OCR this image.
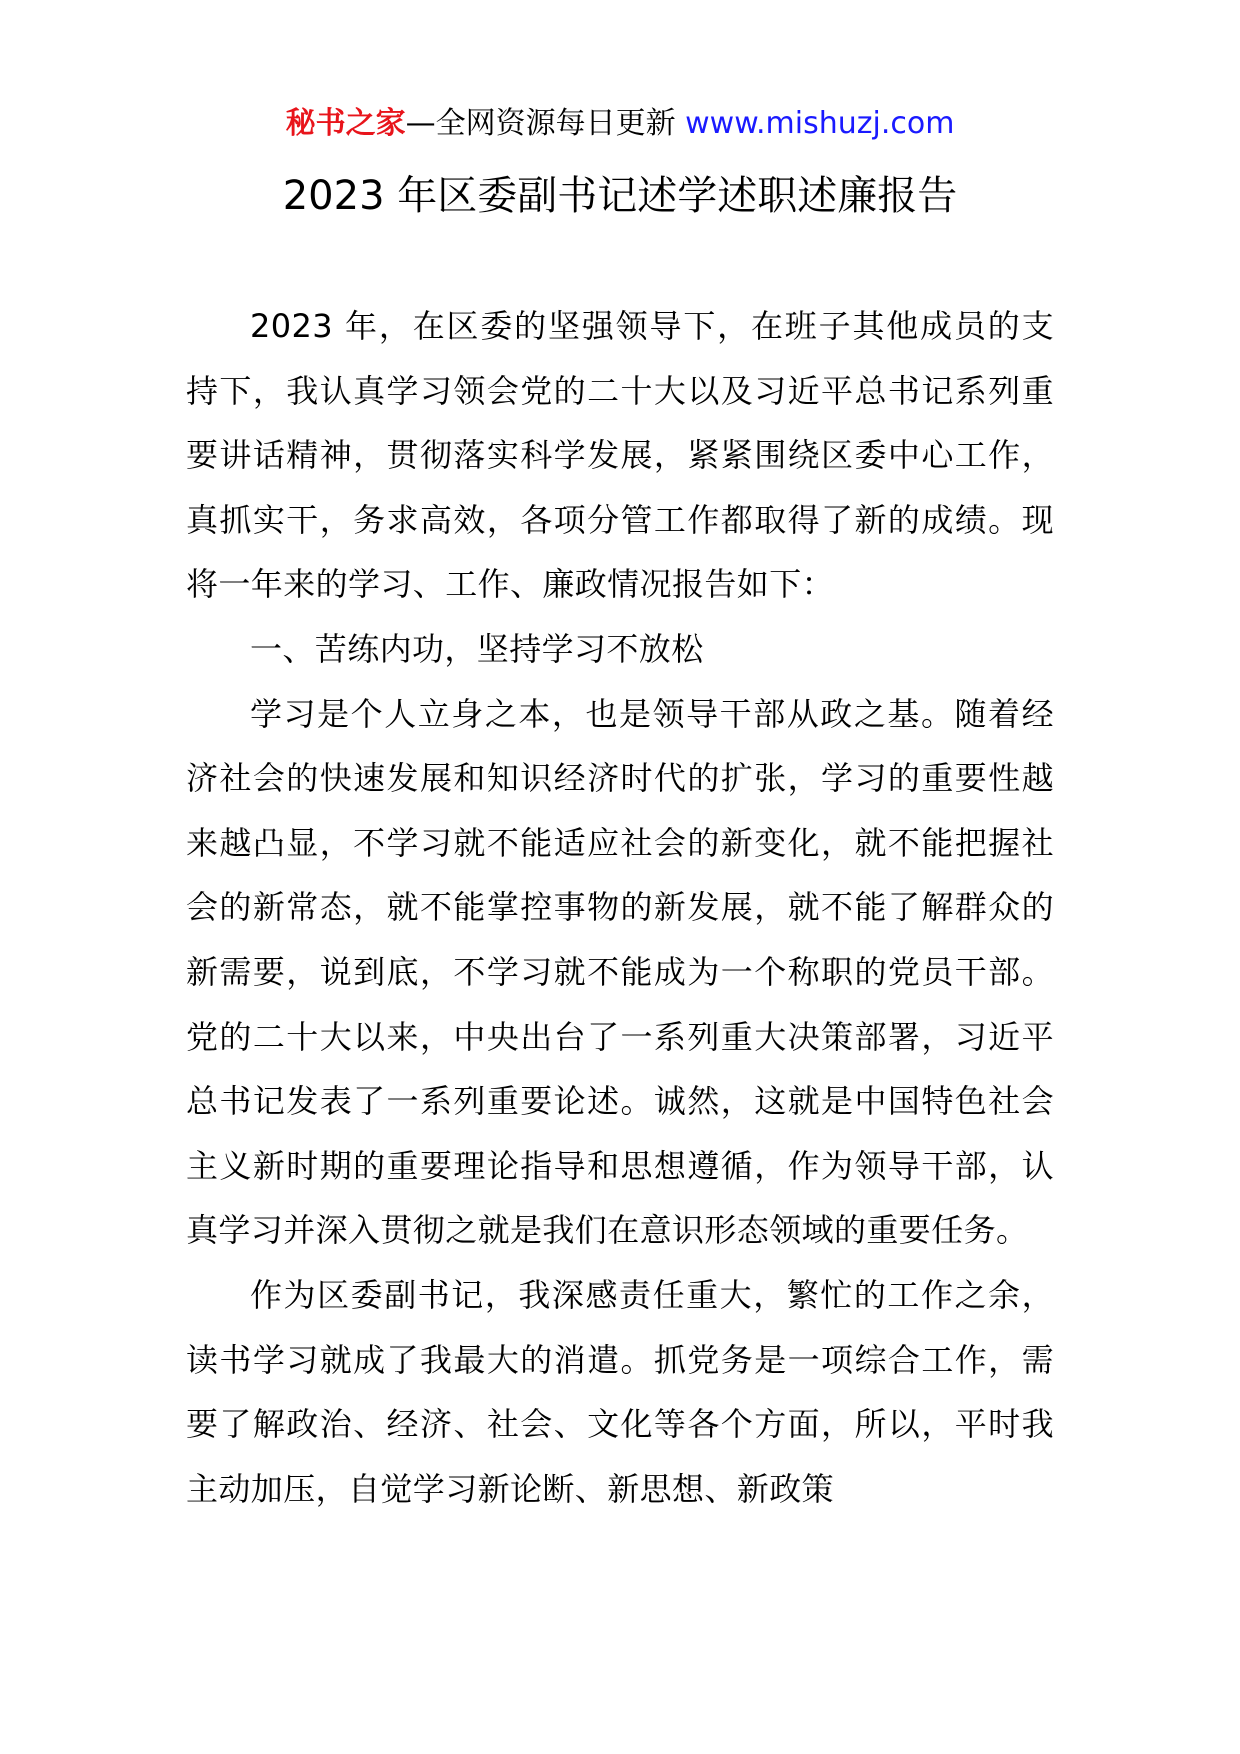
秘书之家—全网资源每日更新 www.mishuzj.com
2023 年区委副书记述学述职述廉报告

2023 年，在区委的坚强领导下，在班子其他成员的支持下，我认真学习领会党的二十大以及习近平总书记系列重要讲话精神，贯彻落实科学发展，紧紧围绕区委中心工作，真抓实干，务求高效，各项分管工作都取得了新的成绩。现将一年来的学习、工作、廉政情况报告如下：

一、苦练内功，坚持学习不放松

学习是个人立身之本，也是领导干部从政之基。随着经济社会的快速发展和知识经济时代的扩张，学习的重要性越来越凸显，不学习就不能适应社会的新变化，就不能把握社会的新常态，就不能掌控事物的新发展，就不能了解群众的新需要，说到底，不学习就不能成为一个称职的党员干部。党的二十大以来，中央出台了一系列重大决策部署，习近平总书记发表了一系列重要论述。诚然，这就是中国特色社会主义新时期的重要理论指导和思想遵循，作为领导干部，认真学习并深入贯彻之就是我们在意识形态领域的重要任务。

作为区委副书记，我深感责任重大，繁忙的工作之余，读书学习就成了我最大的消遣。抓党务是一项综合工作，需要了解政治、经济、社会、文化等各个方面，所以，平时我主动加压，自觉学习新论断、新思想、新政策
